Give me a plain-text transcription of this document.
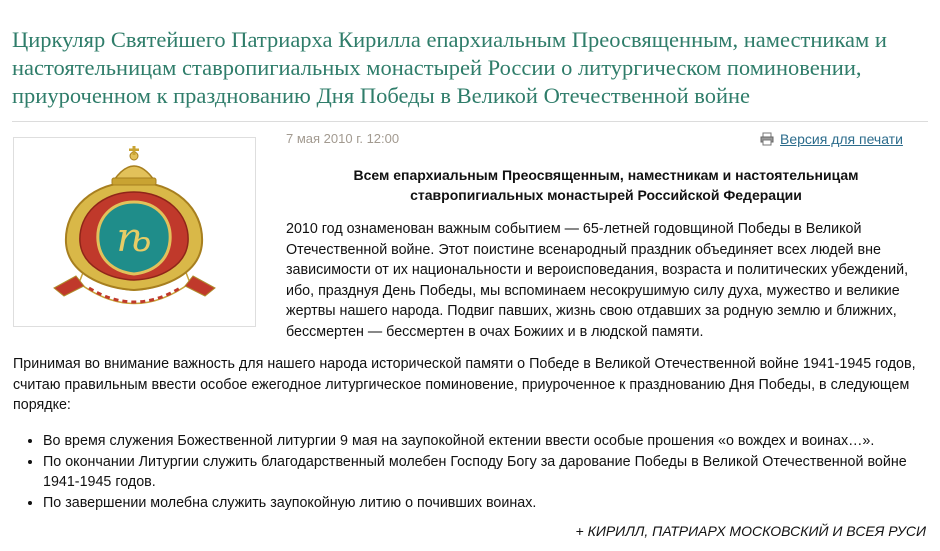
Циркуляр Святейшего Патриарха Кирилла епархиальным Преосвященным, наместникам и настоятельницам ставропигиальных монастырей России о литургическом поминовении, приуроченном к празднованию Дня Победы в Великой Отечественной войне
ѣ
7 мая 2010 г. 12:00	Версия для печати
Всем епархиальным Преосвященным, наместникам и настоятельницам ставропигиальных монастырей Российской Федерации

2010 год ознаменован важным событием — 65-летней годовщиной Победы в Великой Отечественной войне. Этот поистине всенародный праздник объединяет всех людей вне зависимости от их национальности и вероисповедания, возраста и политических убеждений, ибо, празднуя День Победы, мы вспоминаем несокрушимую силу духа, мужество и великие жертвы нашего народа. Подвиг павших, жизнь свою отдавших за родную землю и ближних, бессмертен — бессмертен в очах Божиих и в людской памяти.

Принимая во внимание важность для нашего народа исторической памяти о Победе в Великой Отечественной войне 1941-1945 годов, считаю правильным ввести особое ежегодное литургическое поминовение, приуроченное к празднованию Дня Победы, в следующем порядке:

• Во время служения Божественной литургии 9 мая на заупокойной ектении ввести особые прошения «о вождех и воинах…».
• По окончании Литургии служить благодарственный молебен Господу Богу за дарование Победы в Великой Отечественной войне 1941-1945 годов.
• По завершении молебна служить заупокойную литию о почивших воинах.
+ КИРИЛЛ, ПАТРИАРХ МОСКОВСКИЙ И ВСЕЯ РУСИ
